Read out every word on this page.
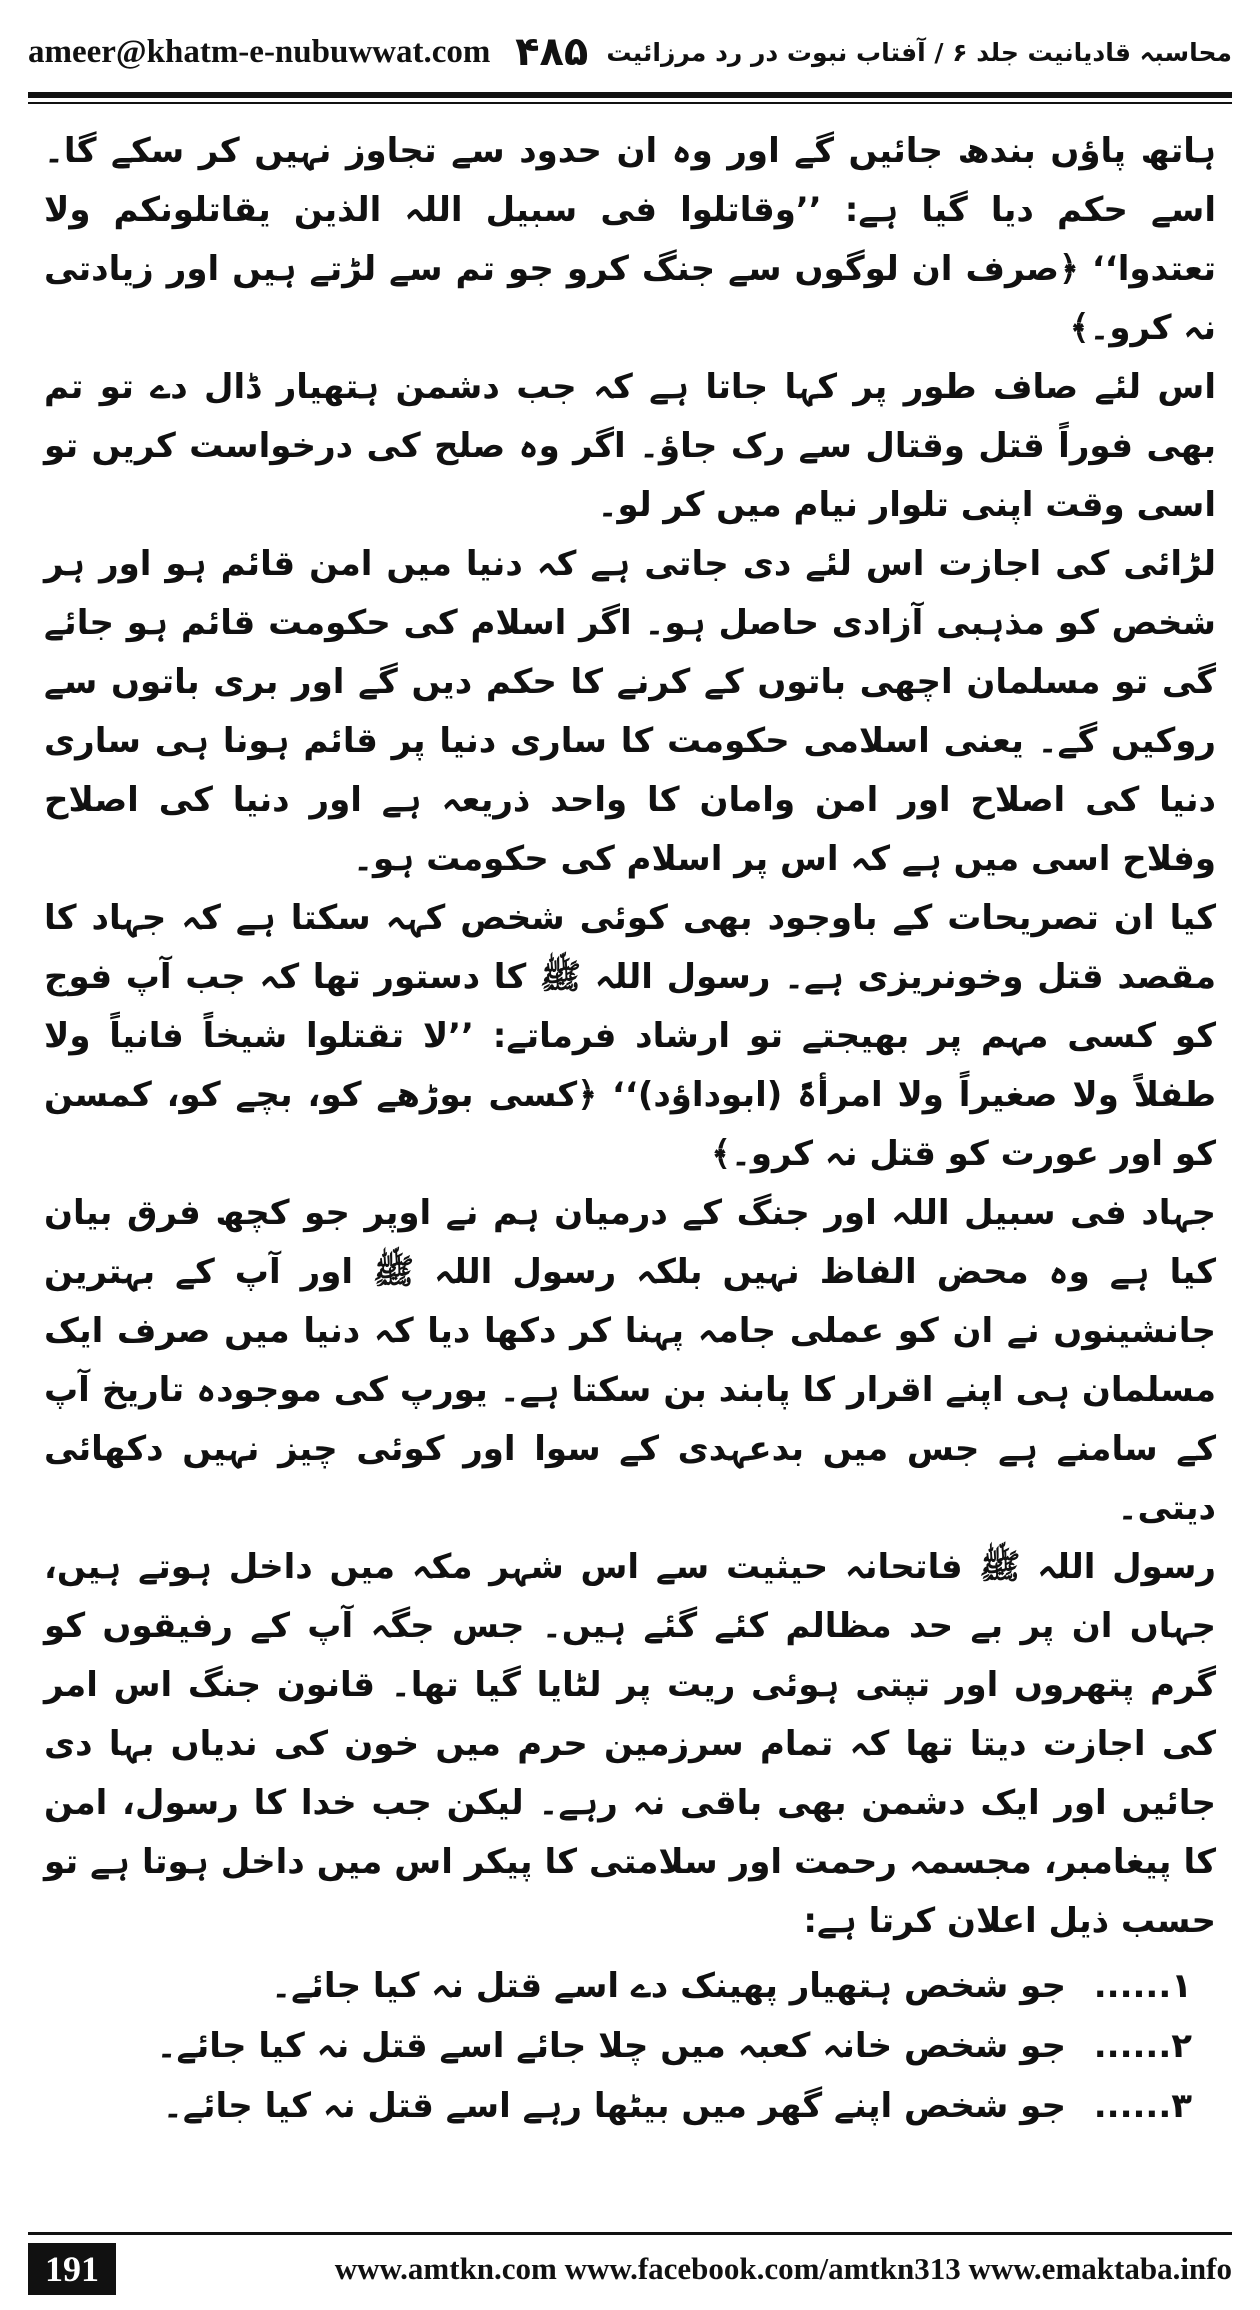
ameer@khatm-e-nubuwwat.com	محاسبہ قادیانیت جلد ۶ / آفتاب نبوت در رد مرزائیت
۴۸۵

ہاتھ پاؤں بندھ جائیں گے اور وہ ان حدود سے تجاوز نہیں کر سکے گا۔ اسے حکم دیا گیا ہے: ’’وقاتلوا فی سبیل اللہ الذین یقاتلونکم ولا تعتدوا‘‘ ﴿صرف ان لوگوں سے جنگ کرو جو تم سے لڑتے ہیں اور زیادتی نہ کرو۔﴾

اس لئے صاف طور پر کہا جاتا ہے کہ جب دشمن ہتھیار ڈال دے تو تم بھی فوراً قتل وقتال سے رک جاؤ۔ اگر وہ صلح کی درخواست کریں تو اسی وقت اپنی تلوار نیام میں کر لو۔

لڑائی کی اجازت اس لئے دی جاتی ہے کہ دنیا میں امن قائم ہو اور ہر شخص کو مذہبی آزادی حاصل ہو۔ اگر اسلام کی حکومت قائم ہو جائے گی تو مسلمان اچھی باتوں کے کرنے کا حکم دیں گے اور بری باتوں سے روکیں گے۔ یعنی اسلامی حکومت کا ساری دنیا پر قائم ہونا ہی ساری دنیا کی اصلاح اور امن وامان کا واحد ذریعہ ہے اور دنیا کی اصلاح وفلاح اسی میں ہے کہ اس پر اسلام کی حکومت ہو۔

کیا ان تصریحات کے باوجود بھی کوئی شخص کہہ سکتا ہے کہ جہاد کا مقصد قتل وخونریزی ہے۔ رسول اللہ ﷺ کا دستور تھا کہ جب آپ فوج کو کسی مہم پر بھیجتے تو ارشاد فرماتے: ’’لا تقتلوا شیخاً فانیاً ولا طفلاً ولا صغیراً ولا امرأۃً (ابوداؤد)‘‘ ﴿کسی بوڑھے کو، بچے کو، کمسن کو اور عورت کو قتل نہ کرو۔﴾

جہاد فی سبیل اللہ اور جنگ کے درمیان ہم نے اوپر جو کچھ فرق بیان کیا ہے وہ محض الفاظ نہیں بلکہ رسول اللہ ﷺ اور آپ کے بہترین جانشینوں نے ان کو عملی جامہ پہنا کر دکھا دیا کہ دنیا میں صرف ایک مسلمان ہی اپنے اقرار کا پابند بن سکتا ہے۔ یورپ کی موجودہ تاریخ آپ کے سامنے ہے جس میں بدعہدی کے سوا اور کوئی چیز نہیں دکھائی دیتی۔

رسول اللہ ﷺ فاتحانہ حیثیت سے اس شہر مکہ میں داخل ہوتے ہیں، جہاں ان پر بے حد مظالم کئے گئے ہیں۔ جس جگہ آپ کے رفیقوں کو گرم پتھروں اور تپتی ہوئی ریت پر لٹایا گیا تھا۔ قانون جنگ اس امر کی اجازت دیتا تھا کہ تمام سرزمین حرم میں خون کی ندیاں بہا دی جائیں اور ایک دشمن بھی باقی نہ رہے۔ لیکن جب خدا کا رسول، امن کا پیغامبر، مجسمہ رحمت اور سلامتی کا پیکر اس میں داخل ہوتا ہے تو حسب ذیل اعلان کرتا ہے:

۱......
جو شخص ہتھیار پھینک دے اسے قتل نہ کیا جائے۔
۲......
جو شخص خانہ کعبہ میں چلا جائے اسے قتل نہ کیا جائے۔
۳......
جو شخص اپنے گھر میں بیٹھا رہے اسے قتل نہ کیا جائے۔
191	www.amtkn.com www.facebook.com/amtkn313 www.emaktaba.info
